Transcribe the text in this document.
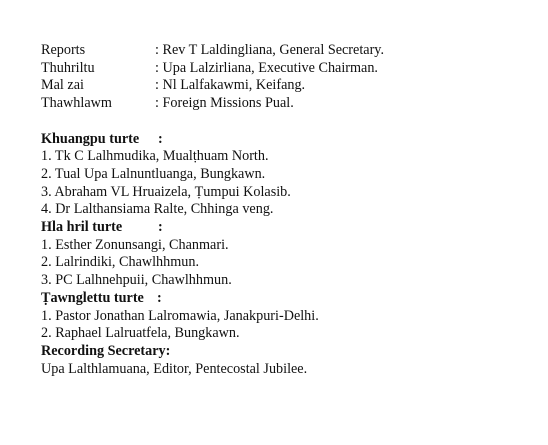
Reports	: Rev T Laldingliana, General Secretary.
Thuhriltu	: Upa Lalzirliana, Executive Chairman.
Mal zai	: Nl Lalfakawmi, Keifang.
Thawhlawm	: Foreign Missions Pual.
Khuangpu turte	:
1. Tk C Lalhmudika, Mualṭhuam North.
2. Tual Upa Lalnuntluanga, Bungkawn.
3. Abraham VL Hruaizela, Ṭumpui Kolasib.
4. Dr Lalthansiama Ralte, Chhinga veng.
Hla hril turte	:
1. Esther Zonunsangi, Chanmari.
2. Lalrindiki, Chawlhhmun.
3. PC Lalhnehpuii, Chawlhhmun.
Ṭawnglettu turte :
1. Pastor Jonathan Lalromawia, Janakpuri-Delhi.
2. Raphael Lalruatfela, Bungkawn.
Recording Secretary:
Upa Lalthlamuana, Editor, Pentecostal Jubilee.
